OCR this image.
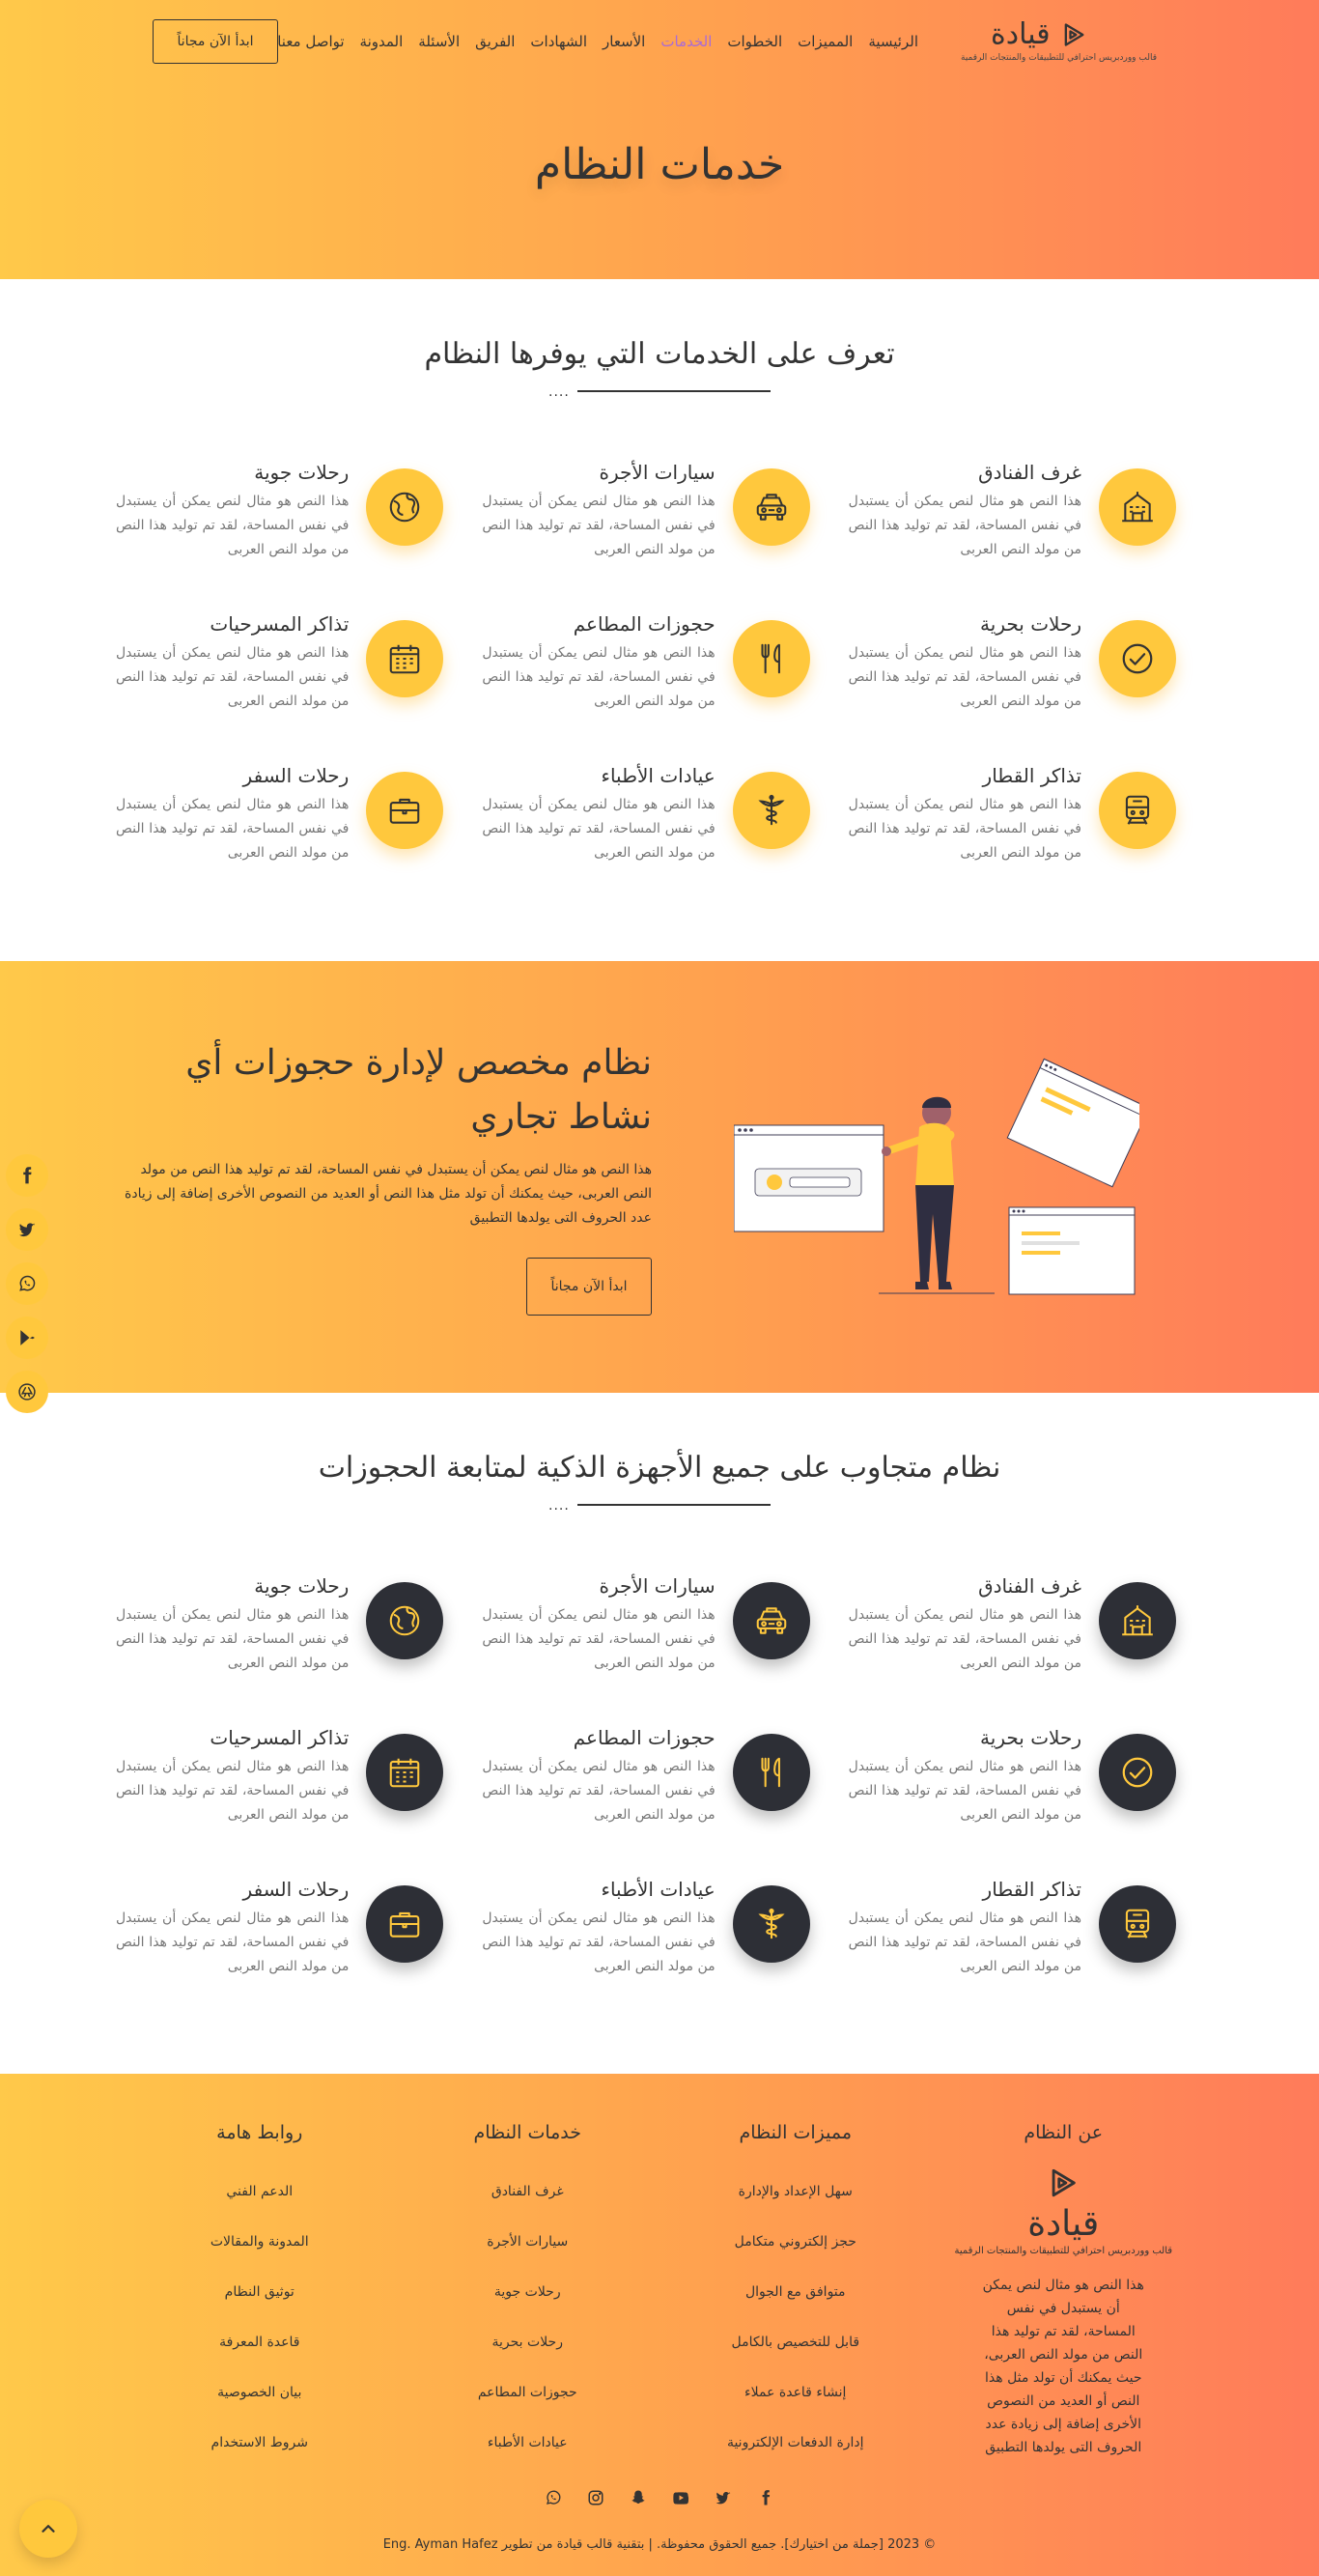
قيادة
قالب ووردبريس احترافي للتطبيقات والمنتجات الرقمية
الرئيسية
المميزات
الخطوات
الخدمات
الأسعار
الشهادات
الفريق
الأسئلة
المدونة
تواصل معنا
ابدأ الآن مجاناً
خدمات النظام
تعرف على الخدمات التي يوفرها النظام
....
غرف الفنادق

هذا النص هو مثال لنص يمكن أن يستبدل في نفس المساحة، لقد تم توليد هذا النص من مولد النص العربى

سيارات الأجرة

هذا النص هو مثال لنص يمكن أن يستبدل في نفس المساحة، لقد تم توليد هذا النص من مولد النص العربى

رحلات جوية

هذا النص هو مثال لنص يمكن أن يستبدل في نفس المساحة، لقد تم توليد هذا النص من مولد النص العربى

رحلات بحرية

هذا النص هو مثال لنص يمكن أن يستبدل في نفس المساحة، لقد تم توليد هذا النص من مولد النص العربى

حجوزات المطاعم

هذا النص هو مثال لنص يمكن أن يستبدل في نفس المساحة، لقد تم توليد هذا النص من مولد النص العربى

تذاكر المسرحيات

هذا النص هو مثال لنص يمكن أن يستبدل في نفس المساحة، لقد تم توليد هذا النص من مولد النص العربى

تذاكر القطار

هذا النص هو مثال لنص يمكن أن يستبدل في نفس المساحة، لقد تم توليد هذا النص من مولد النص العربى

عيادات الأطباء

هذا النص هو مثال لنص يمكن أن يستبدل في نفس المساحة، لقد تم توليد هذا النص من مولد النص العربى

رحلات السفر

هذا النص هو مثال لنص يمكن أن يستبدل في نفس المساحة، لقد تم توليد هذا النص من مولد النص العربى

نظام مخصص لإدارة حجوزات أي نشاط تجاري

هذا النص هو مثال لنص يمكن أن يستبدل في نفس المساحة، لقد تم توليد هذا النص من مولد النص العربى، حيث يمكنك أن تولد مثل هذا النص أو العديد من النصوص الأخرى إضافة إلى زيادة عدد الحروف التى يولدها التطبيق

ابدأ الآن مجاناً
نظام متجاوب على جميع الأجهزة الذكية لمتابعة الحجوزات
....
غرف الفنادق

هذا النص هو مثال لنص يمكن أن يستبدل في نفس المساحة، لقد تم توليد هذا النص من مولد النص العربى

سيارات الأجرة

هذا النص هو مثال لنص يمكن أن يستبدل في نفس المساحة، لقد تم توليد هذا النص من مولد النص العربى

رحلات جوية

هذا النص هو مثال لنص يمكن أن يستبدل في نفس المساحة، لقد تم توليد هذا النص من مولد النص العربى

رحلات بحرية

هذا النص هو مثال لنص يمكن أن يستبدل في نفس المساحة، لقد تم توليد هذا النص من مولد النص العربى

حجوزات المطاعم

هذا النص هو مثال لنص يمكن أن يستبدل في نفس المساحة، لقد تم توليد هذا النص من مولد النص العربى

تذاكر المسرحيات

هذا النص هو مثال لنص يمكن أن يستبدل في نفس المساحة، لقد تم توليد هذا النص من مولد النص العربى

تذاكر القطار

هذا النص هو مثال لنص يمكن أن يستبدل في نفس المساحة، لقد تم توليد هذا النص من مولد النص العربى

عيادات الأطباء

هذا النص هو مثال لنص يمكن أن يستبدل في نفس المساحة، لقد تم توليد هذا النص من مولد النص العربى

رحلات السفر

هذا النص هو مثال لنص يمكن أن يستبدل في نفس المساحة، لقد تم توليد هذا النص من مولد النص العربى

عن النظام
قيادة
قالب ووردبريس احترافي للتطبيقات والمنتجات الرقمية

هذا النص هو مثال لنص يمكن أن يستبدل في نفس المساحة، لقد تم توليد هذا النص من مولد النص العربى، حيث يمكنك أن تولد مثل هذا النص أو العديد من النصوص الأخرى إضافة إلى زيادة عدد الحروف التى يولدها التطبيق

مميزات النظام
سهل الإعداد والإدارة
حجز إلكتروني متكامل
متوافق مع الجوال
قابل للتخصيص بالكامل
إنشاء قاعدة عملاء
إدارة الدفعات الإلكترونية
خدمات النظام
غرف الفنادق
سيارات الأجرة
رحلات جوية
رحلات بحرية
حجوزات المطاعم
عيادات الأطباء
روابط هامة
الدعم الفني
المدونة والمقالات
توثيق النظام
قاعدة المعرفة
بيان الخصوصية
شروط الاستخدام
© 2023 [جملة من اختيارك]. جميع الحقوق محفوظة. | بتقنية قالب قيادة من تطوير Eng. Ayman Hafez
